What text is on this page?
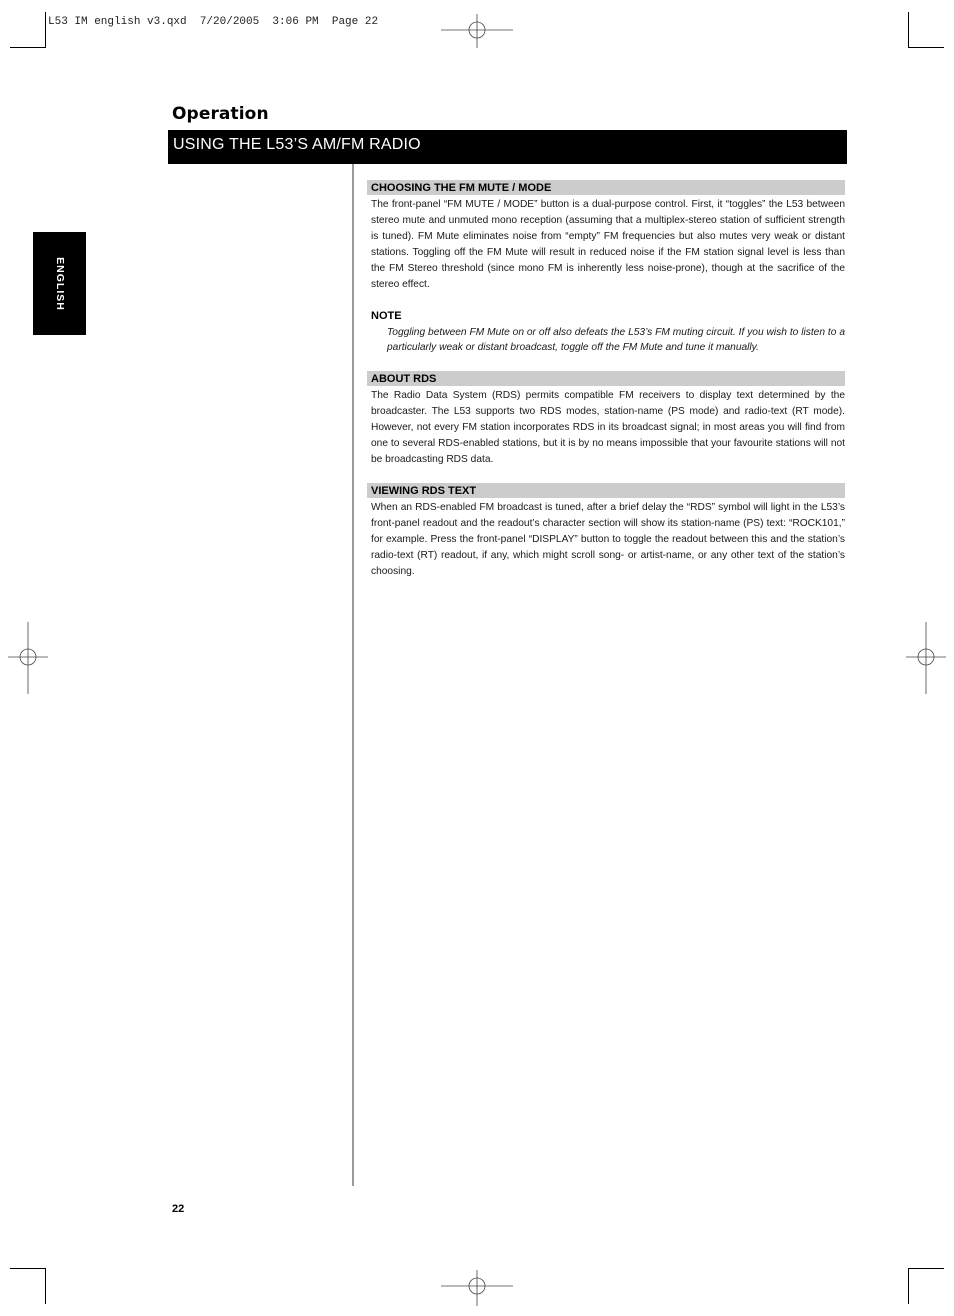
L53 IM english v3.qxd  7/20/2005  3:06 PM  Page 22
Operation
USING THE L53’S AM/FM RADIO
ENGLISH
CHOOSING THE FM MUTE / MODE
The front-panel “FM MUTE / MODE” button is a dual-purpose control. First, it “toggles” the L53 between stereo mute and unmuted mono reception (assuming that a multiplex-stereo station of sufficient strength is tuned). FM Mute eliminates noise from “empty” FM frequencies but also mutes very weak or distant stations. Toggling off the FM Mute will result in reduced noise if the FM station signal level is less than the FM Stereo threshold (since mono FM is inherently less noise-prone), though at the sacrifice of the stereo effect.
NOTE
Toggling between FM Mute on or off also defeats the L53’s FM muting circuit. If you wish to listen to a particularly weak or distant broadcast, toggle off the FM Mute and tune it manually.
ABOUT RDS
The Radio Data System (RDS) permits compatible FM receivers to display text determined by the broadcaster. The L53 supports two RDS modes, station-name (PS mode) and radio-text (RT mode). However, not every FM station incorporates RDS in its broadcast signal; in most areas you will find from one to several RDS-enabled stations, but it is by no means impossible that your favourite stations will not be broadcasting RDS data.
VIEWING RDS TEXT
When an RDS-enabled FM broadcast is tuned, after a brief delay the “RDS” symbol will light in the L53’s front-panel readout and the readout’s character section will show its station-name (PS) text: “ROCK101,” for example. Press the front-panel “DISPLAY” button to toggle the readout between this and the station’s radio-text (RT) readout, if any, which might scroll song- or artist-name, or any other text of the station’s choosing.
22
